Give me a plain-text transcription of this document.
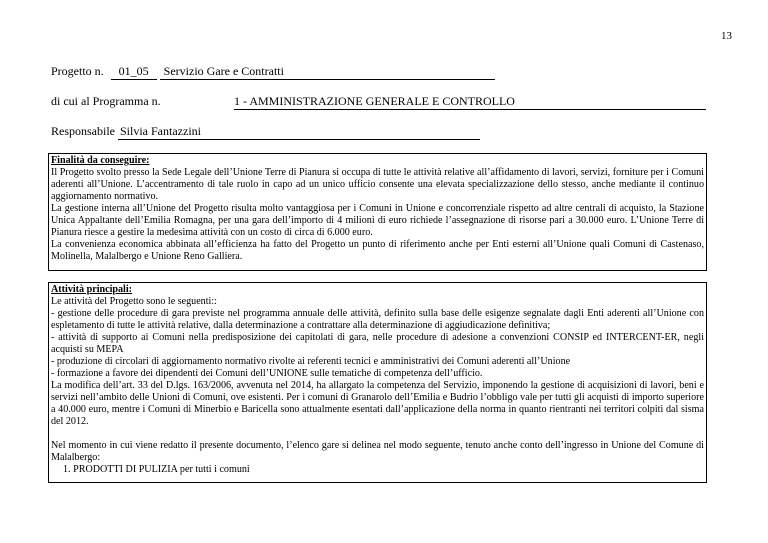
13
Progetto n. 01_05 Servizio Gare e Contratti
di cui al Programma n.	1 - AMMINISTRAZIONE GENERALE E CONTROLLO
Responsabile Silvia Fantazzini
Finalità da conseguire:
Il Progetto svolto presso la Sede Legale dell’Unione Terre di Pianura si occupa di tutte le attività relative all’affidamento di lavori, servizi, forniture per i Comuni aderenti all’Unione. L’accentramento di tale ruolo in capo ad un unico ufficio consente una elevata specializzazione dello stesso, anche mediante il continuo aggiornamento normativo.
La gestione interna all’Unione del Progetto risulta molto vantaggiosa per i Comuni in Unione e concorrenziale rispetto ad altre centrali di acquisto, la Stazione Unica Appaltante dell’Emilia Romagna, per una gara dell’importo di 4 milioni di euro richiede l’assegnazione di risorse pari a 30.000 euro. L’Unione Terre di Pianura riesce a gestire la medesima attività con un costo di circa di 6.000 euro.
La convenienza economica abbinata all’efficienza ha fatto del Progetto un punto di riferimento anche per Enti esterni all’Unione quali Comuni di Castenaso, Molinella, Malalbergo e Unione Reno Galliera.
Attività principali:
Le attività del Progetto sono le seguenti::
- gestione delle procedure di gara previste nel programma annuale delle attività, definito sulla base delle esigenze segnalate dagli Enti aderenti all’Unione con espletamento di tutte le attività relative, dalla determinazione a contrattare alla determinazione di aggiudicazione definitiva;
- attività di supporto ai Comuni nella predisposizione dei capitolati di gara, nelle procedure di adesione a convenzioni CONSIP ed INTERCENT-ER, negli acquisti su MEPA
- produzione di circolari di aggiornamento normativo rivolte ai referenti tecnici e amministrativi dei Comuni aderenti all’Unione
- formazione a favore dei dipendenti dei Comuni dell’UNIONE sulle tematiche di competenza dell’ufficio.
La modifica dell’art. 33 del D.lgs. 163/2006, avvenuta nel 2014, ha allargato la competenza del Servizio, imponendo la gestione di acquisizioni di lavori, beni e servizi nell’ambito delle Unioni di Comuni, ove esistenti. Per i comuni di Granarolo dell’Emilia e Budrio l’obbligo vale per tutti gli acquisti di importo superiore a 40.000 euro, mentre i Comuni di Minerbio e Baricella sono attualmente esentati dall’applicazione della norma in quanto rientranti nei territori colpiti dal sisma del 2012.
Nel momento in cui viene redatto il presente documento, l’elenco gare si delinea nel modo seguente, tenuto anche conto dell’ingresso in Unione del Comune di Malalbergo:
1. PRODOTTI DI PULIZIA per tutti i comuni
